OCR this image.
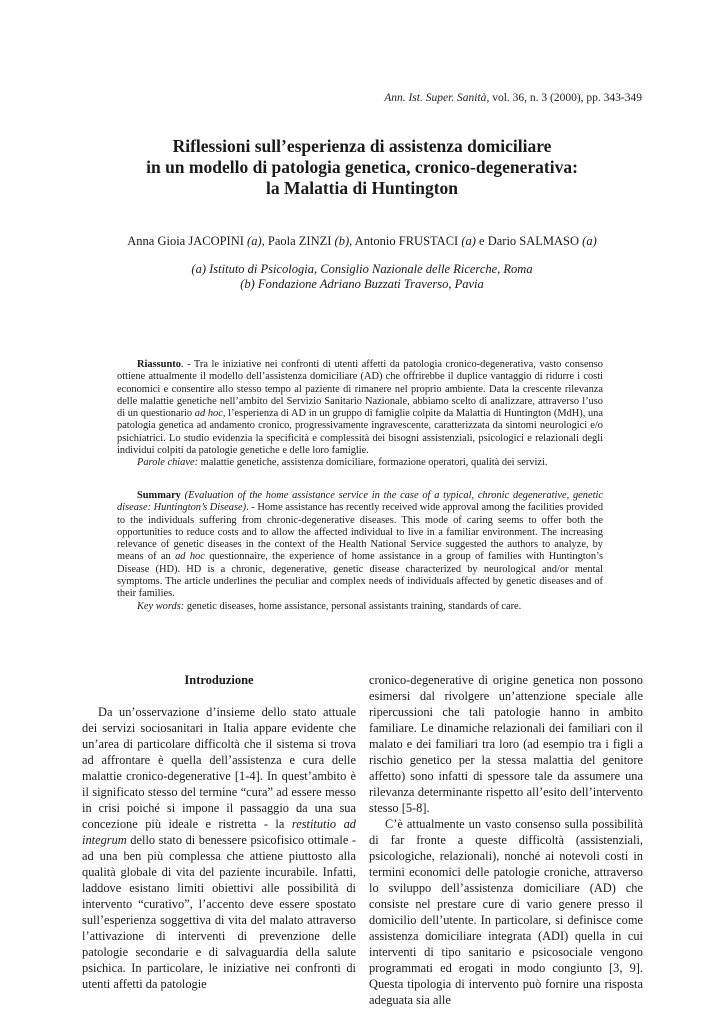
Ann. Ist. Super. Sanità, vol. 36, n. 3 (2000), pp. 343-349
Riflessioni sull’esperienza di assistenza domiciliare
in un modello di patologia genetica, cronico-degenerativa:
la Malattia di Huntington
Anna Gioia JACOPINI (a), Paola ZINZI (b), Antonio FRUSTACI (a) e Dario SALMASO (a)
(a) Istituto di Psicologia, Consiglio Nazionale delle Ricerche, Roma
(b) Fondazione Adriano Buzzati Traverso, Pavia

Riassunto. - Tra le iniziative nei confronti di utenti affetti da patologia cronico-degenerativa, vasto consenso ottiene attualmente il modello dell’assistenza domiciliare (AD) che offrirebbe il duplice vantaggio di ridurre i costi economici e consentire allo stesso tempo al paziente di rimanere nel proprio ambiente. Data la crescente rilevanza delle malattie genetiche nell’ambito del Servizio Sanitario Nazionale, abbiamo scelto di analizzare, attraverso l’uso di un questionario ad hoc, l’esperienza di AD in un gruppo di famiglie colpite da Malattia di Huntington (MdH), una patologia genetica ad andamento cronico, progressivamente ingravescente, caratterizzata da sintomi neurologici e/o psichiatrici. Lo studio evidenzia la specificità e complessità dei bisogni assistenziali, psicologici e relazionali degli individui colpiti da patologie genetiche e delle loro famiglie.

Parole chiave: malattie genetiche, assistenza domiciliare, formazione operatori, qualità dei servizi.

Summary (Evaluation of the home assistance service in the case of a typical, chronic degenerative, genetic disease: Huntington’s Disease). - Home assistance has recently received wide approval among the facilities provided to the individuals suffering from chronic-degenerative diseases. This mode of caring seems to offer both the opportunities to reduce costs and to allow the affected individual to live in a familiar environment. The increasing relevance of genetic diseases in the context of the Health National Service suggested the authors to analyze, by means of an ad hoc questionnaire, the experience of home assistance in a group of families with Huntington’s Disease (HD). HD is a chronic, degenerative, genetic disease characterized by neurological and/or mental symptoms. The article underlines the peculiar and complex needs of individuals affected by genetic diseases and of their families.

Key words: genetic diseases, home assistance, personal assistants training, standards of care.

Introduzione

Da un’osservazione d’insieme dello stato attuale dei servizi sociosanitari in Italia appare evidente che un’area di particolare difficoltà che il sistema si trova ad affrontare è quella dell’assistenza e cura delle malattie cronico-degenerative [1-4]. In quest’ambito è il significato stesso del termine “cura” ad essere messo in crisi poiché si impone il passaggio da una sua concezione più ideale e ristretta - la restitutio ad integrum dello stato di benessere psicofisico ottimale - ad una ben più complessa che attiene piuttosto alla qualità globale di vita del paziente incurabile. Infatti, laddove esistano limiti obiettivi alle possibilità di intervento “curativo”, l’accento deve essere spostato sull’esperienza soggettiva di vita del malato attraverso l’attivazione di interventi di prevenzione delle patologie secondarie e di salvaguardia della salute psichica. In particolare, le iniziative nei confronti di utenti affetti da patologie

cronico-degenerative di origine genetica non possono esimersi dal rivolgere un’attenzione speciale alle ripercussioni che tali patologie hanno in ambito familiare. Le dinamiche relazionali dei familiari con il malato e dei familiari tra loro (ad esempio tra i figli a rischio genetico per la stessa malattia del genitore affetto) sono infatti di spessore tale da assumere una rilevanza determinante rispetto all’esito dell’intervento stesso [5-8].

C’è attualmente un vasto consenso sulla possibilità di far fronte a queste difficoltà (assistenziali, psicologiche, relazionali), nonché ai notevoli costi in termini economici delle patologie croniche, attraverso lo sviluppo dell’assistenza domiciliare (AD) che consiste nel prestare cure di vario genere presso il domicilio dell’utente. In particolare, si definisce come assistenza domiciliare integrata (ADI) quella in cui interventi di tipo sanitario e psicosociale vengono programmati ed erogati in modo congiunto [3, 9]. Questa tipologia di intervento può fornire una risposta adeguata sia alle
